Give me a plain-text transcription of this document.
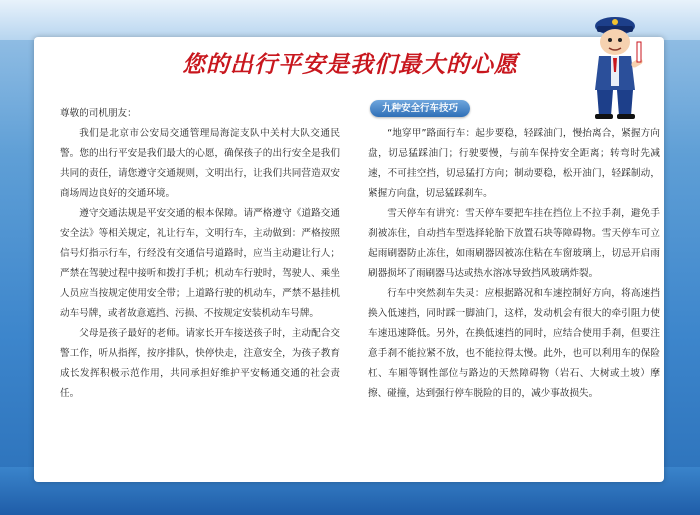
您的出行平安是我们最大的心愿

尊敬的司机朋友：

我们是北京市公安局交通管理局海淀支队中关村大队交通民警。您的出行平安是我们最大的心愿，确保孩子的出行安全是我们共同的责任，请您遵守交通规则，文明出行，让我们共同营造双安商场周边良好的交通环境。

遵守交通法规是平安交通的根本保障。请严格遵守《道路交通安全法》等相关规定，礼让行车，文明行车，主动做到：严格按照信号灯指示行车，行经没有交通信号道路时，应当主动避让行人；严禁在驾驶过程中接听和拨打手机；机动车行驶时，驾驶人、乘坐人员应当按规定使用安全带；上道路行驶的机动车，严禁不悬挂机动车号牌，或者故意遮挡、污损、不按规定安装机动车号牌。

父母是孩子最好的老师。请家长开车接送孩子时，主动配合交警工作，听从指挥，按序排队，快停快走，注意安全，为孩子教育成长发挥积极示范作用，共同承担好维护平安畅通交通的社会责任。

九种安全行车技巧

“地穿甲”路面行车：起步要稳，轻踩油门，慢抬离合，紧握方向盘，切忌猛踩油门；行驶要慢，与前车保持安全距离；转弯时先减速，不可挂空挡，切忌猛打方向；制动要稳，松开油门，轻踩制动，紧握方向盘，切忌猛踩刹车。

雪天停车有讲究：雪天停车要把车挂在挡位上不拉手刹，避免手刹被冻住，自动挡车型选择轮胎下放置石块等障碍物。雪天停车可立起雨刷器防止冻住，如雨刷器因被冻住粘在车窗玻璃上，切忌开启雨刷器损坏了雨刷器马达或热水溶冰导致挡风玻璃炸裂。

行车中突然刹车失灵：应根据路况和车速控制好方向，将高速挡换入低速挡，同时踩一脚油门，这样，发动机会有很大的牵引阻力使车速迅速降低。另外，在换低速挡的同时，应结合使用手刹，但要注意手刹不能拉紧不放，也不能拉得太慢。此外，也可以利用车的保险杠、车厢等钢性部位与路边的天然障碍物（岩石、大树或土坡）摩擦、碰撞，达到强行停车脱险的目的，减少事故损失。
